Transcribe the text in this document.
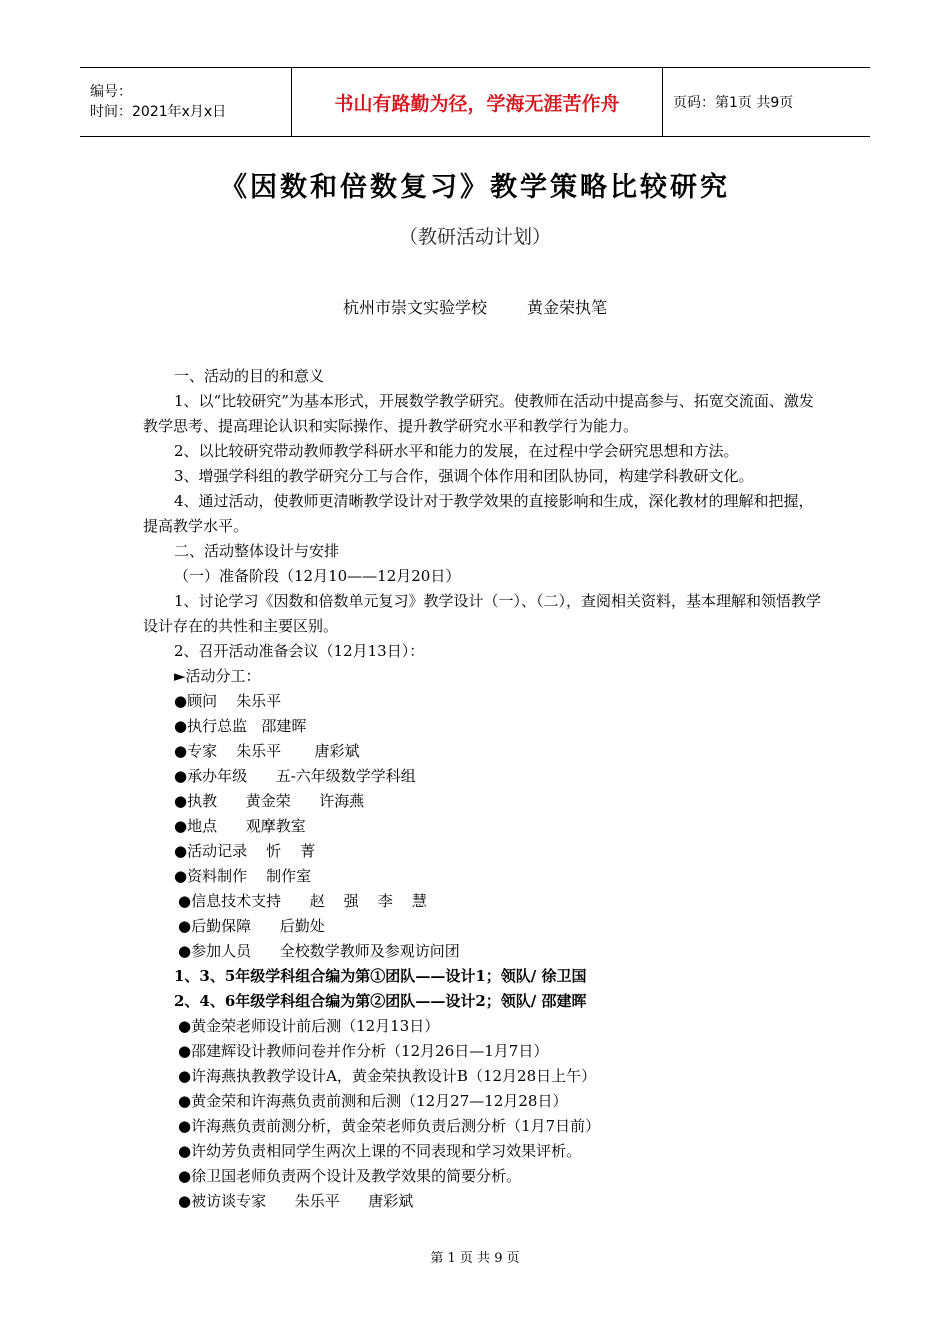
编号：
时间：2021年x月x日	书山有路勤为径，学海无涯苦作舟	页码：第1页 共9页
《因数和倍数复习》教学策略比较研究
（教研活动计划）
杭州市崇文实验学校	黄金荣执笔

一、活动的目的和意义

1、以“比较研究”为基本形式，开展数学教学研究。使教师在活动中提高参与、拓宽交流面、激发教学思考、提高理论认识和实际操作、提升教学研究水平和教学行为能力。

2、以比较研究带动教师教学科研水平和能力的发展，在过程中学会研究思想和方法。

3、增强学科组的教学研究分工与合作，强调个体作用和团队协同，构建学科教研文化。

4、通过活动，使教师更清晰教学设计对于教学效果的直接影响和生成，深化教材的理解和把握，提高教学水平。

二、活动整体设计与安排

（一）准备阶段（12月10——12月20日）

1、讨论学习《因数和倍数单元复习》教学设计（一）、（二），查阅相关资料，基本理解和领悟教学设计存在的共性和主要区别。

2、召开活动准备会议（12月13日）：

►活动分工：

●顾问    朱乐平

●执行总监   邵建晖

●专家    朱乐平       唐彩斌

●承办年级      五-六年级数学学科组

●执教      黄金荣      许海燕

●地点      观摩教室

●活动记录    忻    菁

●资料制作    制作室

●信息技术支持      赵    强    李    慧

●后勤保障      后勤处

●参加人员      全校数学教师及参观访问团

1、3、5年级学科组合编为第①团队——设计1；领队/ 徐卫国

2、4、6年级学科组合编为第②团队——设计2；领队/ 邵建晖

●黄金荣老师设计前后测（12月13日）

●邵建辉设计教师问卷并作分析（12月26日—1月7日）

●许海燕执教教学设计A，黄金荣执教设计B（12月28日上午）

●黄金荣和许海燕负责前测和后测（12月27—12月28日）

●许海燕负责前测分析，黄金荣老师负责后测分析（1月7日前）

●许幼芳负责相同学生两次上课的不同表现和学习效果评析。

●徐卫国老师负责两个设计及教学效果的简要分析。

●被访谈专家      朱乐平      唐彩斌

第 1 页 共 9 页
